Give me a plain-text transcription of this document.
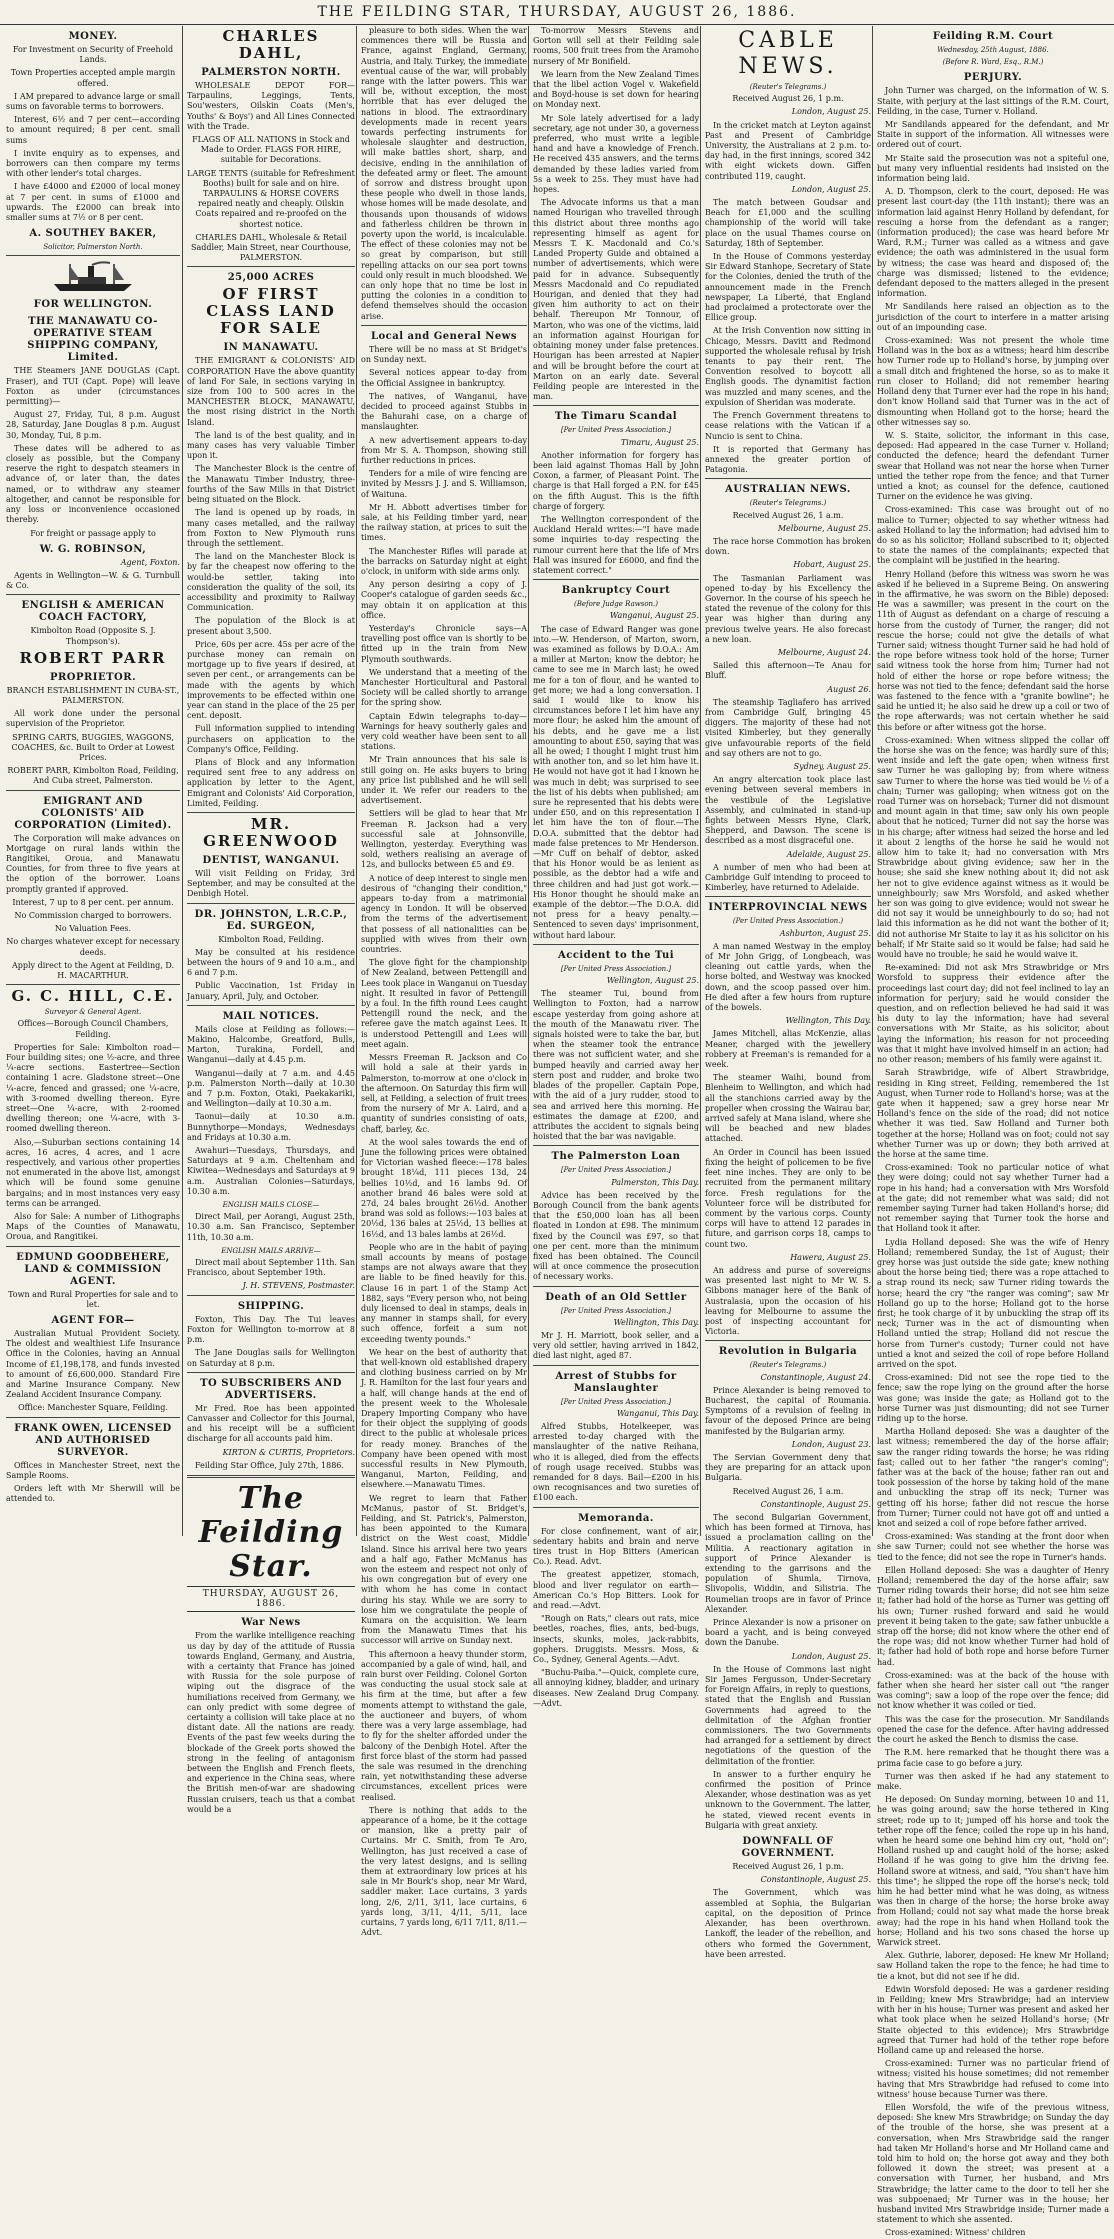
THE FEILDING STAR, THURSDAY, AUGUST 26, 1886.
MONEY.

For Investment on Security of Freehold Lands.

Town Properties accepted ample margin offered.

I AM prepared to advance large or small sums on favorable terms to borrowers.

Interest, 6½ and 7 per cent—according to amount required; 8 per cent. small sums

I invite enquiry as to expenses, and borrowers can then compare my terms with other lender's total charges.

I have £4000 and £2000 of local money at 7 per cent. in sums of £1000 and upwards. The £2000 can break into smaller sums at 7½ or 8 per cent.

A. SOUTHEY BAKER,
Solicitor, Palmerston North.
FOR WELLINGTON.
THE MANAWATU CO-OPERATIVE STEAM SHIPPING COMPANY, Limited.

THE Steamers JANE DOUGLAS (Capt. Fraser), and TUI (Capt. Pope) will leave Foxton as under (circumstances permitting)—

August 27, Friday, Tui, 8 p.m. August 28, Saturday, Jane Douglas 8 p.m. August 30, Monday, Tui, 8 p.m.

These dates will be adhered to as closely as possible, but the Company reserve the right to despatch steamers in advance of, or later than, the dates named, or to withdraw any steamer altogether, and cannot be responsible for any loss or inconvenience occasioned thereby.

For freight or passage apply to

W. G. ROBINSON,
Agent, Foxton.

Agents in Wellington—W. & G. Turnbull & Co.

ENGLISH & AMERICAN COACH FACTORY,

Kimbolton Road (Opposite S. J. Thompson's).

ROBERT PARR
PROPRIETOR.

BRANCH ESTABLISHMENT IN CUBA-ST., PALMERSTON.

All work done under the personal supervision of the Proprietor.

SPRING CARTS, BUGGIES, WAGGONS, COACHES, &c. Built to Order at Lowest Prices.

ROBERT PARR, Kimbolton Road, Feilding, And Cuba street, Palmerston.

EMIGRANT AND COLONISTS' AID CORPORATION (Limited).

The Corporation will make advances on Mortgage on rural lands within the Rangitikei, Oroua, and Manawatu Counties, for from three to five years at the option of the borrower. Loans promptly granted if approved.

Interest, 7 up to 8 per cent. per annum.

No Commission charged to borrowers.

No Valuation Fees.

No charges whatever except for necessary deeds.

Apply direct to the Agent at Feilding, D. H. MACARTHUR.

G. C. HILL, C.E.
Surveyor & General Agent.

Offices—Borough Council Chambers, Feilding.

Properties for Sale: Kimbolton road—Four building sites; one ½-acre, and three ¼-acre sections. Eastertree—Section containing 1 acre. Gladstone street—One ¼-acre, fenced and grassed; one ¼-acre, with 3-roomed dwelling thereon. Eyre street—One ¼-acre, with 2-roomed dwelling thereon; one ¼-acre, with 3-roomed dwelling thereon.

Also,—Suburban sections containing 14 acres, 16 acres, 4 acres, and 1 acre respectively, and various other properties not enumerated in the above list, amongst which will be found some genuine bargains; and in most instances very easy terms can be arranged.

Also for Sale: A number of Lithographs Maps of the Counties of Manawatu, Oroua, and Rangitikei.

EDMUND GOODBEHERE, LAND & COMMISSION AGENT.

Town and Rural Properties for sale and to let.

AGENT FOR—

Australian Mutual Provident Society. The oldest and wealthiest Life Insurance Office in the Colonies, having an Annual Income of £1,198,178, and funds invested to amount of £6,600,000. Standard Fire and Marine Insurance Company. New Zealand Accident Insurance Company.

Office: Manchester Square, Feilding.

FRANK OWEN, LICENSED AND AUTHORISED SURVEYOR.

Offices in Manchester Street, next the Sample Rooms.

Orders left with Mr Sherwill will be attended to.

CHARLES DAHL,
PALMERSTON NORTH.

WHOLESALE DEPOT FOR—Tarpaulins, Leggings, Tents, Sou'westers, Oilskin Coats (Men's, Youths' & Boys') and All Lines Connected with the Trade.

FLAGS OF ALL NATIONS in Stock and Made to Order. FLAGS FOR HIRE, suitable for Decorations.

LARGE TENTS (suitable for Refreshment Booths) built for sale and on hire. TARPAULINS & HORSE COVERS repaired neatly and cheaply. Oilskin Coats repaired and re-proofed on the shortest notice.

CHARLES DAHL, Wholesale & Retail Saddler, Main Street, near Courthouse, PALMERSTON.

25,000 ACRES
OF FIRST CLASS LAND FOR SALE
IN MANAWATU.

THE EMIGRANT & COLONISTS' AID CORPORATION Have the above quantity of land For Sale, in sections varying in size from 100 to 500 acres in the MANCHESTER BLOCK, MANAWATU, the most rising district in the North Island.

The land is of the best quality, and in many cases has very valuable Timber upon it.

The Manchester Block is the centre of the Manawatu Timber Industry, three-fourths of the Saw Mills in that District being situated on the Block.

The land is opened up by roads, in many cases metalled, and the railway from Foxton to New Plymouth runs through the settlement.

The land on the Manchester Block is by far the cheapest now offering to the would-be settler, taking into consideration the quality of the soil, its accessibility and proximity to Railway Communication.

The population of the Block is at present about 3,500.

Price, 60s per acre. 45s per acre of the purchase money can remain on mortgage up to five years if desired, at seven per cent., or arrangements can be made with the agents by which improvements to be effected within one year can stand in the place of the 25 per cent. deposit.

Full information supplied to intending purchasers on application to the Company's Office, Feilding.

Plans of Block and any information required sent free to any address on application by letter to the Agent, Emigrant and Colonists' Aid Corporation, Limited, Feilding.

MR. GREENWOOD
DENTIST, WANGANUI.

Will visit Feilding on Friday, 3rd September, and may be consulted at the Denbigh Hotel.

DR. JOHNSTON, L.R.C.P., Ed. SURGEON,

Kimbolton Road, Feilding.

May be consulted at his residence between the hours of 9 and 10 a.m., and 6 and 7 p.m.

Public Vaccination, 1st Friday in January, April, July, and October.

MAIL NOTICES.

Mails close at Feilding as follows:—Makino, Halcombe, Greatford, Bulls, Marton, Turakina, Fordell, and Wanganui—daily at 4.45 p.m.

Wanganui—daily at 7 a.m. and 4.45 p.m. Palmerston North—daily at 10.30 and 7 p.m. Foxton, Otaki, Paekakariki, and Wellington—daily at 10.30 a.m.

Taonui—daily at 10.30 a.m. Bunnythorpe—Mondays, Wednesdays and Fridays at 10.30 a.m.

Awahuri—Tuesdays, Thursdays, and Saturdays at 9 a.m. Cheltenham and Kiwitea—Wednesdays and Saturdays at 9 a.m. Australian Colonies—Saturdays, 10.30 a.m.

ENGLISH MAILS CLOSE—

Direct Mail, per Aorangi, August 25th, 10.30 a.m. San Francisco, September 11th, 10.30 a.m.

ENGLISH MAILS ARRIVE—

Direct mail about September 11th. San Francisco, about September 19th.

J. H. STEVENS, Postmaster.
SHIPPING.

Foxton, This Day. The Tui leaves Foxton for Wellington to-morrow at 8 p.m.

The Jane Douglas sails for Wellington on Saturday at 8 p.m.

TO SUBSCRIBERS AND ADVERTISERS.

Mr Fred. Roe has been appointed Canvasser and Collector for this Journal, and his receipt will be a sufficient discharge for all accounts paid him.

KIRTON & CURTIS, Proprietors.

Feilding Star Office, July 27th, 1886.

The Feilding Star.
THURSDAY, AUGUST 26, 1886.
War News

From the warlike intelligence reaching us day by day of the attitude of Russia towards England, Germany, and Austria, with a certainty that France has joined with Russia for the sole purpose of wiping out the disgrace of the humiliations received from Germany, we can only predict with some degree of certainty a collision will take place at no distant date. All the nations are ready. Events of the past few weeks during the blockade of the Greek ports showed the strong in the feeling of antagonism between the English and French fleets, and experience in the China seas, where the British men-of-war are shadowing Russian cruisers, teach us that a combat would be a

pleasure to both sides. When the war commences there will be Russia and France, against England, Germany, Austria, and Italy. Turkey, the immediate eventual cause of the war, will probably range with the latter powers. This war will be, without exception, the most horrible that has ever deluged the nations in blood. The extraordinary developments made in recent years towards perfecting instruments for wholesale slaughter and destruction, will make battles short, sharp, and decisive, ending in the annihilation of the defeated army or fleet. The amount of sorrow and distress brought upon these people who dwell in those lands, whose homes will be made desolate, and thousands upon thousands of widows and fatherless children be thrown in poverty upon the world, is incalculable. The effect of these colonies may not be so great by comparison, but still repelling attacks on our sea port towns could only result in much bloodshed. We can only hope that no time be lost in putting the colonies in a condition to defend themselves should the occasion arise.

Local and General News

There will be no mass at St Bridget's on Sunday next.

Several notices appear to-day from the Official Assignee in bankruptcy.

The natives, of Wanganui, have decided to proceed against Stubbs in the Bahurahi case, on a charge of manslaughter.

A new advertisement appears to-day from Mr S. A. Thompson, showing still further reductions in prices.

Tenders for a mile of wire fencing are invited by Messrs J. J. and S. Williamson, of Waituna.

Mr H. Abbott advertises timber for sale, at his Feilding timber yard, near the railway station, at prices to suit the times.

The Manchester Rifles will parade at the barracks on Saturday night at eight o'clock, in uniform with side arms only.

Any person desiring a copy of J. Cooper's catalogue of garden seeds &c., may obtain it on application at this office.

Yesterday's Chronicle says—A travelling post office van is shortly to be fitted up in the train from New Plymouth southwards.

We understand that a meeting of the Manchester Horticultural and Pastoral Society will be called shortly to arrange for the spring show.

Captain Edwin telegraphs to-day—Warnings for heavy southerly gales and very cold weather have been sent to all stations.

Mr Train announces that his sale is still going on. He asks buyers to bring any price list published and he will sell under it. We refer our readers to the advertisement.

Settlers will be glad to hear that Mr Freeman R. Jackson had a very successful sale at Johnsonville, Wellington, yesterday. Everything was sold, wethers realising an average of 12s, and bullocks between £5 and £9.

A notice of deep interest to single men desirous of "changing their condition," appears to-day from a matrimonial agency in London. It will be observed from the terms of the advertisement that possess of all nationalities can be supplied with wives from their own countries.

The glove fight for the championship of New Zealand, between Pettengill and Lees took place in Wanganui on Tuesday night. It resulted in favor of Pettengill by a foul. In the fifth round Lees caught Pettengill round the neck, and the referee gave the match against Lees. It is understood Pettengill and Lees will meet again.

Messrs Freeman R. Jackson and Co will hold a sale at their yards in Palmerston, to-morrow at one o'clock in the afternoon. On Saturday this firm will sell, at Feilding, a selection of fruit trees from the nursery of Mr A. Laird, and a quantity of sundries consisting of oats, chaff, barley, &c.

At the wool sales towards the end of June the following prices were obtained for Victorian washed fleece:—178 bales brought 18¼d, 111 pieces 13d, 24 bellies 10½d, and 16 lambs 9d. Of another brand 46 bales were sold at 27d, 24 bales brought 26½d. Another brand was sold as follows:—103 bales at 20½d, 136 bales at 25½d, 13 bellies at 16½d, and 13 bales lambs at 26½d.

People who are in the habit of paying small accounts by means of postage stamps are not always aware that they are liable to be fined heavily for this. Clause 16 in part 1 of the Stamp Act 1882, says "Every person who, not being duly licensed to deal in stamps, deals in any manner in stamps shall, for every such offence, forfeit a sum not exceeding twenty pounds."

We hear on the best of authority that that well-known old established drapery and clothing business carried on by Mr J. R. Hamilton for the last four years and a half, will change hands at the end of the present week to the Wholesale Drapery Importing Company who have for their object the supplying of goods direct to the public at wholesale prices for ready money. Branches of the Company have been opened with most successful results in New Plymouth, Wanganui, Marton, Feilding, and elsewhere.—Manawatu Times.

We regret to learn that Father McManus, pastor of St. Bridget's, Feilding, and St. Patrick's, Palmerston, has been appointed to the Kumara district on the West coast, Middle Island. Since his arrival here two years and a half ago, Father McManus has won the esteem and respect not only of his own congregation but of every one with whom he has come in contact during his stay. While we are sorry to lose him we congratulate the people of Kumara on the acquisition. We learn from the Manawatu Times that his successor will arrive on Sunday next.

This afternoon a heavy thunder storm, accompanied by a gale of wind, hail, and rain burst over Feilding. Colonel Gorton was conducting the usual stock sale at his firm at the time, but after a few moments attempt to withstand the gale, the auctioneer and buyers, of whom there was a very large assemblage, had to fly for the shelter afforded under the balcony of the Denbigh Hotel. After the first force blast of the storm had passed the sale was resumed in the drenching rain, yet notwithstanding these adverse circumstances, excellent prices were realised.

There is nothing that adds to the appearance of a home, be it the cottage or mansion, like a pretty pair of Curtains. Mr C. Smith, from Te Aro, Wellington, has just received a case of the very latest designs, and is selling them at extraordinary low prices at his sale in Mr Bourk's shop, near Mr Ward, saddler maker. Lace curtains, 3 yards long, 2/6, 2/11, 3/11, lace curtains, 6 yards long, 3/11, 4/11, 5/11, lace curtains, 7 yards long, 6/11 7/11, 8/11.—Advt.

To-morrow Messrs Stevens and Gorton will sell at their Feilding sale rooms, 500 fruit trees from the Aramoho nursery of Mr Bonifield.

We learn from the New Zealand Times that the libel action Vogel v. Wakefield and Boyd-house is set down for hearing on Monday next.

Mr Sole lately advertised for a lady secretary, age not under 30, a governess preferred, who must write a legible hand and have a knowledge of French. He received 435 answers, and the terms demanded by these ladies varied from 5s a week to 25s. They must have had hopes.

The Advocate informs us that a man named Hourigan who travelled through this district about three months ago representing himself as agent for Messrs T. K. Macdonald and Co.'s Landed Property Guide and obtained a number of advertisements, which were paid for in advance. Subsequently Messrs Macdonald and Co repudiated Hourigan, and denied that they had given him authority to act on their behalf. Thereupon Mr Tonnour, of Marton, who was one of the victims, laid an information against Hourigan for obtaining money under false pretences. Hourigan has been arrested at Napier and will be brought before the court at Marton on an early date. Several Feilding people are interested in the man.

The Timaru Scandal
[Per United Press Association.]
Timaru, August 25.

Another information for forgery has been laid against Thomas Hall by John Coxon, a farmer, of Pleasant Point. The charge is that Hall forged a P.N. for £45 on the fifth August. This is the fifth charge of forgery.

The Wellington correspondent of the Auckland Herald writes:—"I have made some inquiries to-day respecting the rumour current here that the life of Mrs Hall was insured for £6000, and find the statement correct."

Bankruptcy Court
(Before Judge Rawson.)
Wanganui, August 25.

The case of Edward Ranger was gone into.—W. Henderson, of Marton, sworn, was examined as follows by D.O.A.: Am a miller at Marton; know the debtor; he came to see me in March last; he owed me for a ton of flour, and he wanted to get more; we had a long conversation. I said I would like to know his circumstances before I let him have any more flour; he asked him the amount of his debts, and he gave me a list amounting to about £50, saying that was all he owed; I thought I might trust him with another ton, and so let him have it. He would not have got it had I known he was much in debt; was surprised to see the list of his debts when published; am sure he represented that his debts were under £50, and on this representation I let him have the ton of flour.—The D.O.A. submitted that the debtor had made false pretences to Mr Henderson.—Mr Cuff on behalf of debtor, asked that his Honor would be as lenient as possible, as the debtor had a wife and three children and had just got work.—His Honor thought he should make an example of the debtor.—The D.O.A. did not press for a heavy penalty.—Sentenced to seven days' imprisonment, without hard labour.

Accident to the Tui
[Per United Press Association.]
Wellington, August 25.

The steamer Tui, bound from Wellington to Foxton, had a narrow escape yesterday from going ashore at the mouth of the Manawatu river. The signals hoisted were to take the bar, but when the steamer took the entrance there was not sufficient water, and she bumped heavily and carried away her stern post and rudder, and broke two blades of the propeller. Captain Pope, with the aid of a jury rudder, stood to sea and arrived here this morning. He estimates the damage at £200, and attributes the accident to signals being hoisted that the bar was navigable.

The Palmerston Loan
[Per United Press Association.]
Palmerston, This Day.

Advice has been received by the Borough Council from the bank agents that the £50,000 loan has all been floated in London at £98. The minimum fixed by the Council was £97, so that one per cent. more than the minimum fixed has been obtained. The Council will at once commence the prosecution of necessary works.

Death of an Old Settler
[Per United Press Association.]
Wellington, This Day.

Mr J. H. Marriott, book seller, and a very old settler, having arrived in 1842, died last night, aged 87.

Arrest of Stubbs for Manslaughter
[Per United Press Association.]
Wanganui, This Day.

Alfred Stubbs, Hotelkeeper, was arrested to-day charged with the manslaughter of the native Reihana, who it is alleged, died from the effects of rough usage received. Stubbs was remanded for 8 days. Bail—£200 in his own recognisances and two sureties of £100 each.

Memoranda.

For close confinement, want of air, sedentary habits and brain and nerve tires trust in Hop Bitters (American Co.). Read. Advt.

The greatest appetizer, stomach, blood and liver regulator on earth—American Co.'s Hop Bitters. Look for and read.—Advt.

"Rough on Rats," clears out rats, mice beetles, roaches, flies, ants, bed-bugs, insects, skunks, moles, jack-rabbits, gophers. Druggists. Messrs. Moss, & Co., Sydney, General Agents.—Advt.

"Buchu-Paiba."—Quick, complete cure, all annoying kidney, bladder, and urinary diseases. New Zealand Drug Company.—Advt.

CABLE NEWS.
(Reuter's Telegrams.)

Received August 26, 1 p.m.

London, August 25.

In the cricket match at Leyton against Past and Present of Cambridge University, the Australians at 2 p.m. to-day had, in the first innings, scored 342 with eight wickets down. Giffen contributed 119, caught.

London, August 25.

The match between Goudsar and Beach for £1,000 and the sculling championship of the world will take place on the usual Thames course on Saturday, 18th of September.

In the House of Commons yesterday Sir Edward Stanhope, Secretary of State for the Colonies, denied the truth of the announcement made in the French newspaper, La Liberté, that England had proclaimed a protectorate over the Ellice group.

At the Irish Convention now sitting in Chicago, Messrs. Davitt and Redmond supported the wholesale refusal by Irish tenants to pay their rent. The Convention resolved to boycott all English goods. The dynamitist faction was muzzled and many scenes, and the expulsion of Sheridan was moderate.

The French Government threatens to cease relations with the Vatican if a Nuncio is sent to China.

It is reported that Germany has annexed the greater portion of Patagonia.

AUSTRALIAN NEWS.
(Reuter's Telegrams.)

Received August 26, 1 a.m.

Melbourne, August 25.

The race horse Commotion has broken down.

Hobart, August 25.

The Tasmanian Parliament was opened to-day by his Excellency the Governor. In the course of his speech he stated the revenue of the colony for this year was higher than during any previous twelve years. He also forecast a new loan.

Melbourne, August 24.

Sailed this afternoon—Te Anau for Bluff.

August 26.

The steamship Tagliafero has arrived from Cambridge Gulf, bringing 45 diggers. The majority of these had not visited Kimberley, but they generally give unfavourable reports of the field and say others are not to go.

Sydney, August 25.

An angry altercation took place last evening between several members in the vestibule of the Legislative Assembly, and culminated in stand-up fights between Messrs Hyne, Clark, Shepperd, and Dawson. The scene is described as a most disgraceful one.

Adelaide, August 25.

A number of men who had been at Cambridge Gulf intending to proceed to Kimberley, have returned to Adelaide.

INTERPROVINCIAL NEWS
(Per United Press Association.)
Ashburton, August 25.

A man named Westway in the employ of Mr John Grigg, of Longbeach, was cleaning out cattle yards, when the horse bolted, and Westway was knocked down, and the scoop passed over him. He died after a few hours from rupture of the bowels.

Wellington, This Day.

James Mitchell, alias McKenzie, alias Meaner, charged with the jewellery robbery at Freeman's is remanded for a week.

The steamer Waihi, bound from Blenheim to Wellington, and which had all the stanchions carried away by the propeller when crossing the Wairau bar, arrived safely at Mana island, where she will be beached and new blades attached.

An Order in Council has been issued fixing the height of policemen to be five feet nine inches. They are only to be recruited from the permanent military force. Fresh regulations for the Volunteer force will be distributed for comment by the various corps. County corps will have to attend 12 parades in future, and garrison corps 18, camps to count two.

Hawera, August 25.

An address and purse of sovereigns was presented last night to Mr W. S. Gibbons manager here of the Bank of Australasia, upon the occasion of his leaving for Melbourne to assume the post of inspecting accountant for Victoria.

Revolution in Bulgaria
(Reuter's Telegrams.)
Constantinople, August 24.

Prince Alexander is being removed to Bucharest, the capital of Roumania. Symptoms of a revulsion of feeling in favour of the deposed Prince are being manifested by the Bulgarian army.

London, August 23.

The Servian Government deny that they are preparing for an attack upon Bulgaria.

Received August 26, 1 a.m.

Constantinople, August 25.

The second Bulgarian Government, which has been formed at Tirnova, has issued a proclamation calling on the Militia. A reactionary agitation in support of Prince Alexander is extending to the garrisons and the population of Shumla, Tirnova, Slivopolis, Widdin, and Silistria. The Roumelian troops are in favor of Prince Alexander.

Prince Alexander is now a prisoner on board a yacht, and is being conveyed down the Danube.

London, August 25.

In the House of Commons last night Sir James Fergusson, Under-Secretary for Foreign Affairs, in reply to questions, stated that the English and Russian Governments had agreed to the delimitation of the Afghan frontier commissioners. The two Governments had arranged for a settlement by direct negotiations of the question of the delimitation of the frontier.

In answer to a further enquiry he confirmed the position of Prince Alexander, whose destination was as yet unknown to the Government. The latter, he stated, viewed recent events in Bulgaria with great anxiety.

DOWNFALL OF GOVERNMENT.

Received August 26, 1 p.m.

Constantinople, August 25.

The Government, which was assembled at Sophia, the Bulgarian capital, on the deposition of Prince Alexander, has been overthrown. Lankoff, the leader of the rebellion, and others who formed the Government, have been arrested.

Feilding R.M. Court
Wednesday, 25th August, 1886.
(Before R. Ward, Esq., R.M.)
PERJURY.

John Turner was charged, on the information of W. S. Staite, with perjury at the last sittings of the R.M. Court, Feilding, in the case, Turner v. Holland.

Mr Sandilands appeared for the defendant, and Mr Staite in support of the information. All witnesses were ordered out of court.

Mr Staite said the prosecution was not a spiteful one, but many very influential residents had insisted on the information being laid.

A. D. Thompson, clerk to the court, deposed: He was present last court-day (the 11th instant); there was an information laid against Henry Holland by defendant, for rescuing a horse from the defendant as a ranger; (information produced); the case was heard before Mr Ward, R.M.; Turner was called as a witness and gave evidence; the oath was administered in the usual form by witness; the case was heard and disposed of; the charge was dismissed; listened to the evidence; defendant deposed to the matters alleged in the present information.

Mr Sandilands here raised an objection as to the jurisdiction of the court to interfere in a matter arising out of an impounding case.

Cross-examined: Was not present the whole time Holland was in the box as a witness; heard him describe how Turner rode up to Holland's horse, by jumping over a small ditch and frightened the horse, so as to make it run closer to Holland; did not remember hearing Holland deny that Turner ever had the rope in his hand; don't know Holland said that Turner was in the act of dismounting when Holland got to the horse; heard the other witnesses say so.

W. S. Staite, solicitor, the informant in this case, deposed: Had appeared in the case Turner v. Holland; conducted the defence; heard the defendant Turner swear that Holland was not near the horse when Turner untied the tether rope from the fence; and that Turner untied a knot; as counsel for the defence, cautioned Turner on the evidence he was giving.

Cross-examined: This case was brought out of no malice to Turner; objected to say whether witness had asked Holland to lay the information; had advised him to do so as his solicitor; Holland subscribed to it; objected to state the names of the complainants; expected that the complaint will be justified in the hearing.

Henry Holland (before this witness was sworn he was asked if he believed in a Supreme Being. On answering in the affirmative, he was sworn on the Bible) deposed: He was a sawmiller; was present in the court on the 11th of August as defendant on a charge of rescuing a horse from the custody of Turner, the ranger; did not rescue the horse; could not give the details of what Turner said; witness thought Turner said he had hold of the rope before witness took hold of the horse; Turner said witness took the horse from him; Turner had not hold of either the horse or rope before witness; the horse was not tied to the fence; defendant said the horse was fastened to the fence with a "granite bowline"; he said he untied it; he also said he drew up a coil or two of the rope afterwards; was not certain whether he said this before or after witness got the horse.

Cross-examined: When witness slipped the collar off the horse she was on the fence; was hardly sure of this; went inside and left the gate open; when witness first saw Turner he was galloping by; from where witness saw Turner to where the horse was tied would be ½ of a chain; Turner was galloping; when witness got on the road Turner was on horseback; Turner did not dismount and mount again in that time; saw only his own people about that he noticed; Turner did not say the horse was in his charge; after witness had seized the horse and led it about 2 lengths of the horse he said he would not allow him to take it; had no conversation with Mrs Strawbridge about giving evidence; saw her in the house; she said she knew nothing about it; did not ask her not to give evidence against witness as it would be unneighbourly; saw Mrs Worsfold, and asked whether her son was going to give evidence; would not swear he did not say it would be unneighbourly to do so; had not laid this information as he did not want the bother of it; did not authorise Mr Staite to lay it as his solicitor on his behalf; if Mr Staite said so it would be false; had said he would have no trouble; he said he would waive it.

Re-examined: Did not ask Mrs Strawbridge or Mrs Worsfold to suppress their evidence after the proceedings last court day; did not feel inclined to lay an information for perjury; said he would consider the question, and on reflection believed he had said it was his duty to lay the information; have had several conversations with Mr Staite, as his solicitor, about laying the information; his reason for not proceeding was that it might have involved himself in an action; had no other reason; members of his family were against it.

Sarah Strawbridge, wife of Albert Strawbridge, residing in King street, Feilding, remembered the 1st August, when Turner rode to Holland's horse; was at the gate when it happened; saw a grey horse near Mr Holland's fence on the side of the road; did not notice whether it was tied. Saw Holland and Turner both together at the horse; Holland was on foot; could not say whether Turner was up or down; they both arrived at the horse at the same time.

Cross-examined: Took no particular notice of what they were doing; could not say whether Turner had a rope in his hand; had a conversation with Mrs Worsfold at the gate; did not remember what was said; did not remember saying Turner had taken Holland's horse; did not remember saying that Turner took the horse and that Holland took it after.

Lydia Holland deposed: She was the wife of Henry Holland; remembered Sunday, the 1st of August; their grey horse was just outside the side gate; knew nothing about the horse being tied; there was a rope attached to a strap round its neck; saw Turner riding towards the horse; heard the cry "the ranger was coming"; saw Mr Holland go up to the horse; Holland got to the horse first; he took charge of it by unbuckling the strap off its neck; Turner was in the act of dismounting when Holland untied the strap; Holland did not rescue the horse from Turner's custody; Turner could not have untied a knot and seized the coil of rope before Holland arrived on the spot.

Cross-examined: Did not see the rope tied to the fence; saw the rope lying on the ground after the horse was gone; was inside the gate; as Holland got to the horse Turner was just dismounting; did not see Turner riding up to the horse.

Martha Holland deposed: She was a daughter of the last witness; remembered the day of the horse affair; saw the ranger riding towards the horse; he was riding fast; called out to her father "the ranger's coming"; father was at the back of the house; father ran out and took possession of the horse by taking hold of the mane and unbuckling the strap off its neck; Turner was getting off his horse; father did not rescue the horse from Turner; Turner could not have got off and untied a knot and seized a coil of rope before father arrived.

Cross-examined: Was standing at the front door when she saw Turner; could not see whether the horse was tied to the fence; did not see the rope in Turner's hands.

Ellen Holland deposed: She was a daughter of Henry Holland; remembered the day of the horse affair; saw Turner riding towards their horse; did not see him seize it; father had hold of the horse as Turner was getting off his own; Turner rushed forward and said he would prevent it being taken to the gate; saw father unbuckle a strap off the horse; did not know where the other end of the rope was; did not know whether Turner had hold of it; father had hold of both rope and horse before Turner had.

Cross-examined: was at the back of the house with father when she heard her sister call out "the ranger was coming"; saw a loop of the rope over the fence; did not know whether it was coiled or tied.

This was the case for the prosecution. Mr Sandilands opened the case for the defence. After having addressed the court he asked the Bench to dismiss the case.

The R.M. here remarked that he thought there was a prima facie case to go before a jury.

Turner was then asked if he had any statement to make.

He deposed: On Sunday morning, between 10 and 11, he was going around; saw the horse tethered in King street; rode up to it; jumped off his horse and took the tether rope off the fence; coiled the rope up in his hand, when he heard some one behind him cry out, "hold on"; Holland rushed up and caught hold of the horse; asked Holland if he was going to give him the driving fee. Holland swore at witness, and said, "You shan't have him this time"; he slipped the rope off the horse's neck; told him he had better mind what he was doing, as witness was then in charge of the horse; the horse broke away from Holland; could not say what made the horse break away; had the rope in his hand when Holland took the horse; Holland and his two sons chased the horse up Warwick street.

Alex. Guthrie, laborer, deposed: He knew Mr Holland; saw Holland taken the rope to the fence; he had time to tie a knot, but did not see if he did.

Edwin Worsfold deposed: He was a gardener residing in Feilding; knew Mrs Strawbridge; had an interview with her in his house; Turner was present and asked her what took place when he seized Holland's horse; (Mr Staite objected to this evidence); Mrs Strawbridge agreed that Turner had hold of the tether rope before Holland came up and released the horse.

Cross-examined: Turner was no particular friend of witness; visited his house sometimes; did not remember having that Mrs Strawbridge had refused to come into witness' house because Turner was there.

Ellen Worsfold, the wife of the previous witness, deposed: She knew Mrs Strawbridge; on Sunday the day of the trouble of the horse, she was present at a conversation, when Mrs Strawbridge said the ranger had taken Mr Holland's horse and Mr Holland came and told him to hold on; the horse got away and they both followed it down the street; was present at a conversation with Turner, her husband, and Mrs Strawbridge; the latter came to the door to tell her she was subpoenaed; Mr Turner was in the house; her husband invited Mrs Strawbridge inside; Turner made a statement to which she assented.

Cross-examined: Witness' children
